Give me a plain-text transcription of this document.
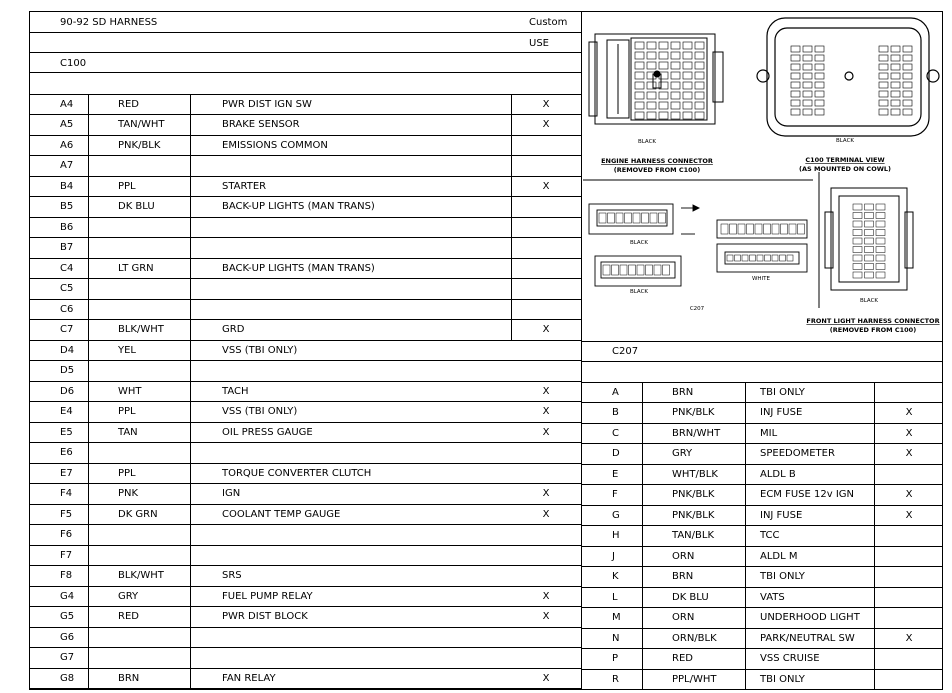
90-92 SD HARNESS	Custom
USE
C100
A4	RED	PWR DIST IGN SW	X
A5	TAN/WHT	BRAKE SENSOR	X
A6	PNK/BLK	EMISSIONS COMMON
A7
B4	PPL	STARTER	X
B5	DK BLU	BACK-UP LIGHTS (MAN TRANS)
B6
B7
C4	LT GRN	BACK-UP LIGHTS (MAN TRANS)
C5
C6
C7	BLK/WHT	GRD	X
D4	YEL	VSS (TBI ONLY)
D5
D6	WHT	TACH	X
E4	PPL	VSS (TBI ONLY)	X
E5	TAN	OIL PRESS GAUGE	X
E6
E7	PPL	TORQUE CONVERTER CLUTCH
F4	PNK	IGN	X
F5	DK GRN	COOLANT TEMP GAUGE	X
F6
F7
F8	BLK/WHT	SRS
G4	GRY	FUEL PUMP RELAY	X
G5	RED	PWR DIST BLOCK	X
G6
G7
G8	BRN	FAN RELAY	X
A	BRN	TBI ONLY
B	PNK/BLK	INJ FUSE	X
C	BRN/WHT	MIL	X
D	GRY	SPEEDOMETER	X
E	WHT/BLK	ALDL B
F	PNK/BLK	ECM FUSE 12v IGN	X
G	PNK/BLK	INJ FUSE	X
H	TAN/BLK	TCC
J	ORN	ALDL M
K	BRN	TBI ONLY
L	DK BLU	VATS
M	ORN	UNDERHOOD LIGHT
N	ORN/BLK	PARK/NEUTRAL SW	X
P	RED	VSS CRUISE
R	PPL/WHT	TBI ONLY
C207
BLACK
ENGINE HARNESS CONNECTOR
(REMOVED FROM C100)
BLACK
C100 TERMINAL VIEW
(AS MOUNTED ON COWL)
BLACK
WHITE
BLACK
C207
BLACK
FRONT LIGHT HARNESS CONNECTOR
(REMOVED FROM C100)
